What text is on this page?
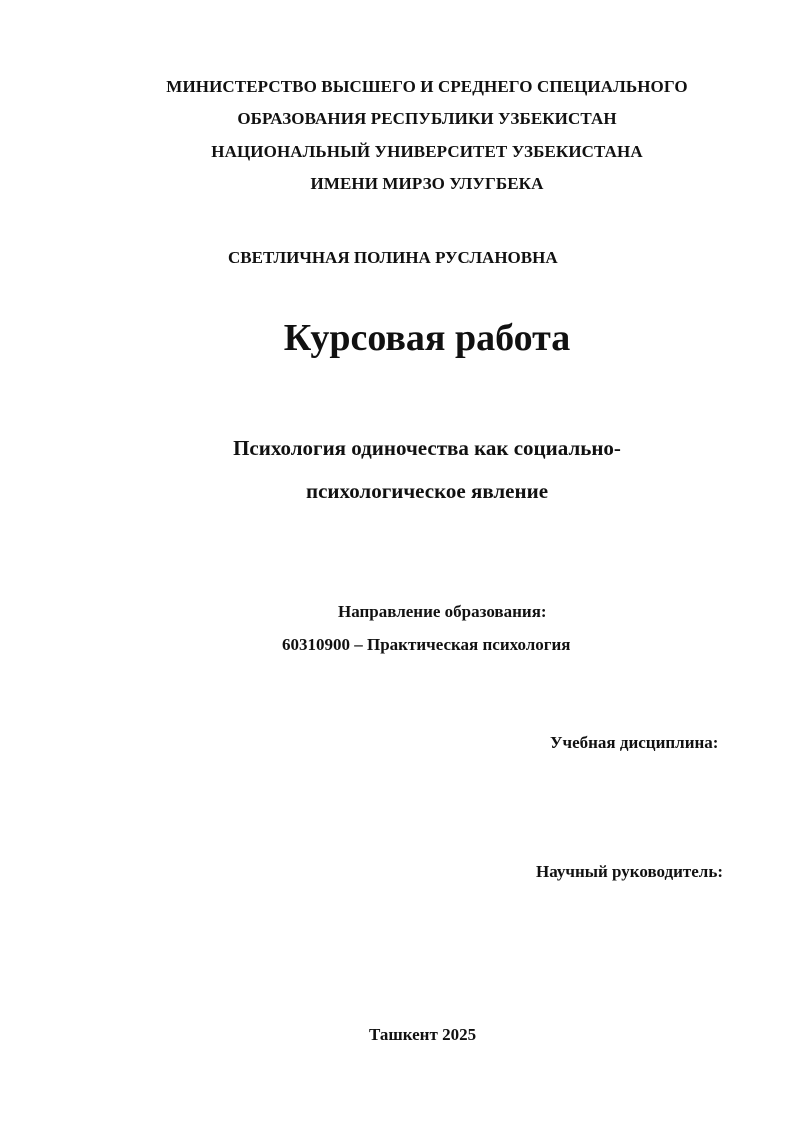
МИНИСТЕРСТВО ВЫСШЕГО И СРЕДНЕГО СПЕЦИАЛЬНОГО
ОБРАЗОВАНИЯ РЕСПУБЛИКИ УЗБЕКИСТАН
НАЦИОНАЛЬНЫЙ УНИВЕРСИТЕТ УЗБЕКИСТАНА
ИМЕНИ МИРЗО УЛУГБЕКА
СВЕТЛИЧНАЯ ПОЛИНА РУСЛАНОВНА
Курсовая работа
Психология одиночества как социально-
психологическое явление
Направление образования:
60310900 – Практическая психология
Учебная дисциплина:
Научный руководитель:
Ташкент 2025
